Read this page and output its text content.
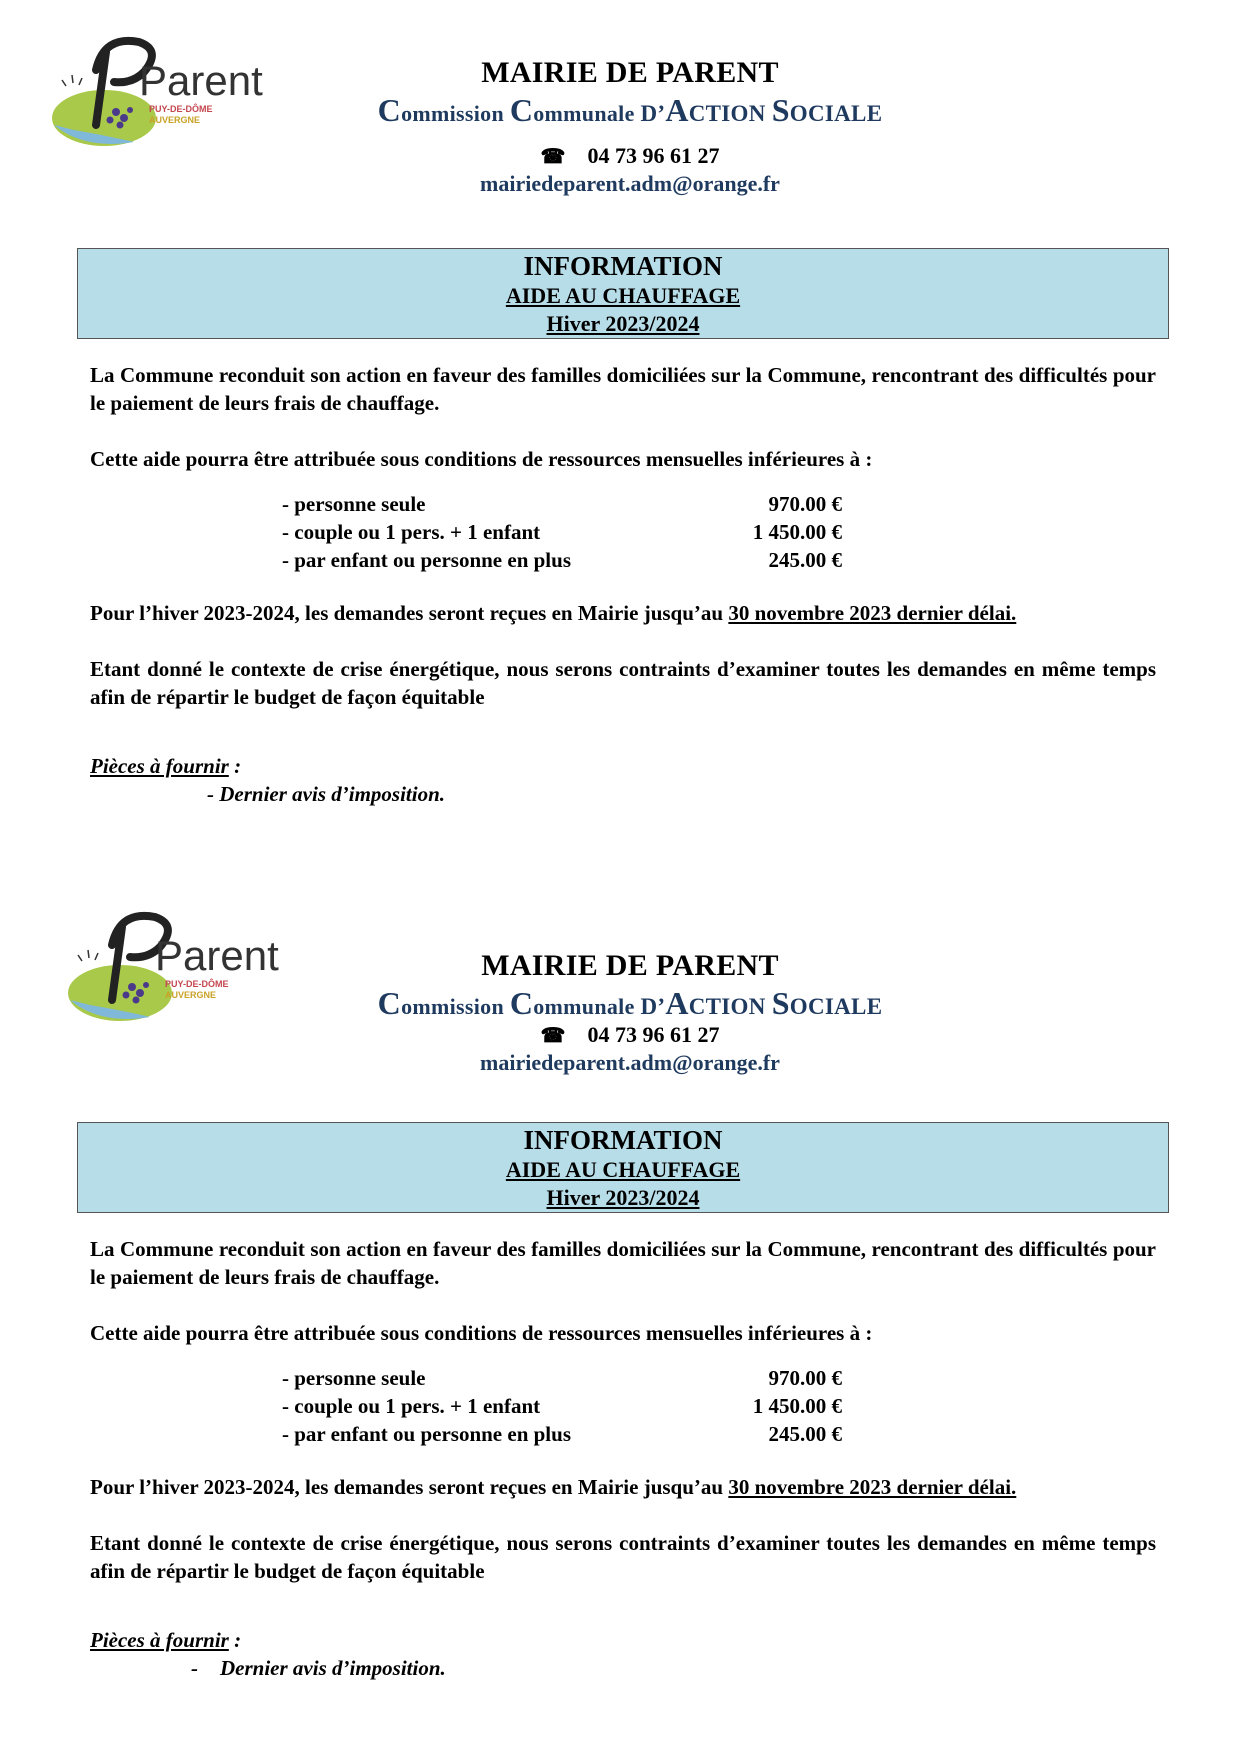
Parent
PUY-DE-DÔME
AUVERGNE
MAIRIE DE PARENT
Commission Communale D’ACTION SOCIALE
☎ 04 73 96 61 27
mairiedeparent.adm@orange.fr
INFORMATION
AIDE AU CHAUFFAGE
Hiver 2023/2024
La Commune reconduit son action en faveur des familles domiciliées sur la Commune, rencontrant des difficultés pour le paiement de leurs frais de chauffage.
Cette aide pourra être attribuée sous conditions de ressources mensuelles inférieures à :
- personne seule	970.00 €
- couple ou 1 pers. + 1 enfant	1 450.00 €
- par enfant ou personne en plus	245.00 €
Pour l’hiver 2023-2024, les demandes seront reçues en Mairie jusqu’au 30 novembre 2023 dernier délai.
Etant donné le contexte de crise énergétique, nous serons contraints d’examiner toutes les demandes en même temps afin de répartir le budget de façon équitable
Pièces à fournir :
- Dernier avis d’imposition.
Parent
PUY-DE-DÔME
AUVERGNE
MAIRIE DE PARENT
Commission Communale D’ACTION SOCIALE
☎ 04 73 96 61 27
mairiedeparent.adm@orange.fr
INFORMATION
AIDE AU CHAUFFAGE
Hiver 2023/2024
La Commune reconduit son action en faveur des familles domiciliées sur la Commune, rencontrant des difficultés pour le paiement de leurs frais de chauffage.
Cette aide pourra être attribuée sous conditions de ressources mensuelles inférieures à :
- personne seule	970.00 €
- couple ou 1 pers. + 1 enfant	1 450.00 €
- par enfant ou personne en plus	245.00 €
Pour l’hiver 2023-2024, les demandes seront reçues en Mairie jusqu’au 30 novembre 2023 dernier délai.
Etant donné le contexte de crise énergétique, nous serons contraints d’examiner toutes les demandes en même temps afin de répartir le budget de façon équitable
Pièces à fournir :
- Dernier avis d’imposition.
